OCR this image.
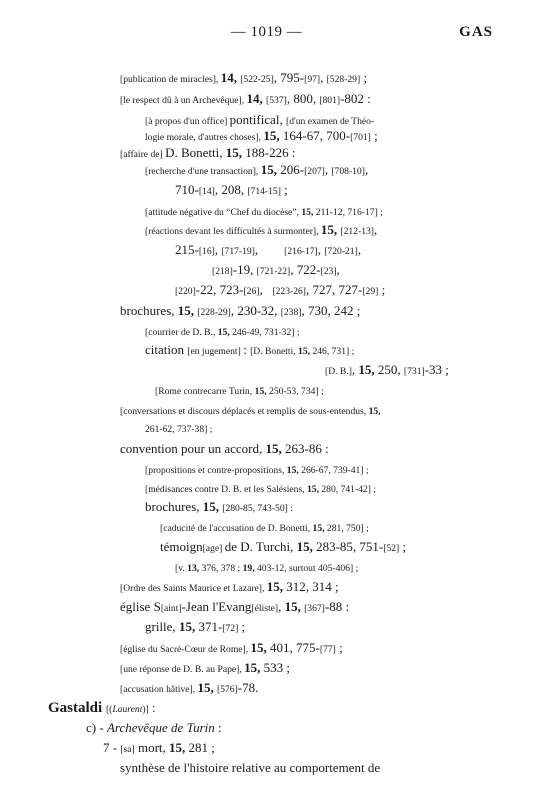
— 1019 —	GAS
[publication de miracles], 14, [522-25], 795-[97], [528-29] ;
[le respect dû à un Archevêque], 14, [537], 800, [801]-802 :
[à propos d'un office] pontifical, [d'un examen de Théo-
logie morale, d'autres choses], 15, 164-67, 700-[701] ;
[affaire de] D. Bonetti, 15, 188-226 :
[recherche d'une transaction], 15, 206-[207], [708-10],
710-[14], 208, [714-15] ;
[attitude négative du “Chef du diocèse”, 15, 211-12, 716-17] ;
[réactions devant les difficultés à surmonter], 15, [212-13],
215-[16], [717-19],        [216-17], [720-21],
[218]-19, [721-22], 722-[23],
[220]-22, 723-[26],   [223-26], 727, 727-[29] ;
brochures, 15, [228-29], 230-32, [238], 730, 242 ;
[courrier de D. B., 15, 246-49, 731-32] ;
citation [en jugement] : [D. Bonetti, 15, 246, 731] ;
[D. B.], 15, 250, [731]-33 ;
[Rome contrecarre Turin, 15, 250-53, 734] ;
[conversations et discours déplacés et remplis de sous-entendus, 15,
261-62, 737-38] ;
convention pour un accord, 15, 263-86 :
[propositions et contre-propositions, 15, 266-67, 739-41] ;
[médisances contre D. B. et les Salésiens, 15, 280, 741-42] ;
brochures, 15, [280-85, 743-50] :
[caducité de l'accusation de D. Bonetti, 15, 281, 750] ;
témoign[age] de D. Turchi, 15, 283-85, 751-[52] ;
[v. 13, 376, 378 ; 19, 403-12, surtout 405-406] ;
[Ordre des Saints Maurice et Lazare], 15, 312, 314 ;
église S[aint]-Jean l'Evang[éliste], 15, [367]-88 :
grille, 15, 371-[72] ;
[église du Sacré-Cœur de Rome], 15, 401, 775-[77] ;
[une réponse de D. B. au Pape], 15, 533 ;
[accusation hâtive], 15, [576]-78.
Gastaldi [(Laurent)] :
c) - Archevêque de Turin :
7 - [sa] mort, 15, 281 ;
synthèse de l'histoire relative au comportement de
